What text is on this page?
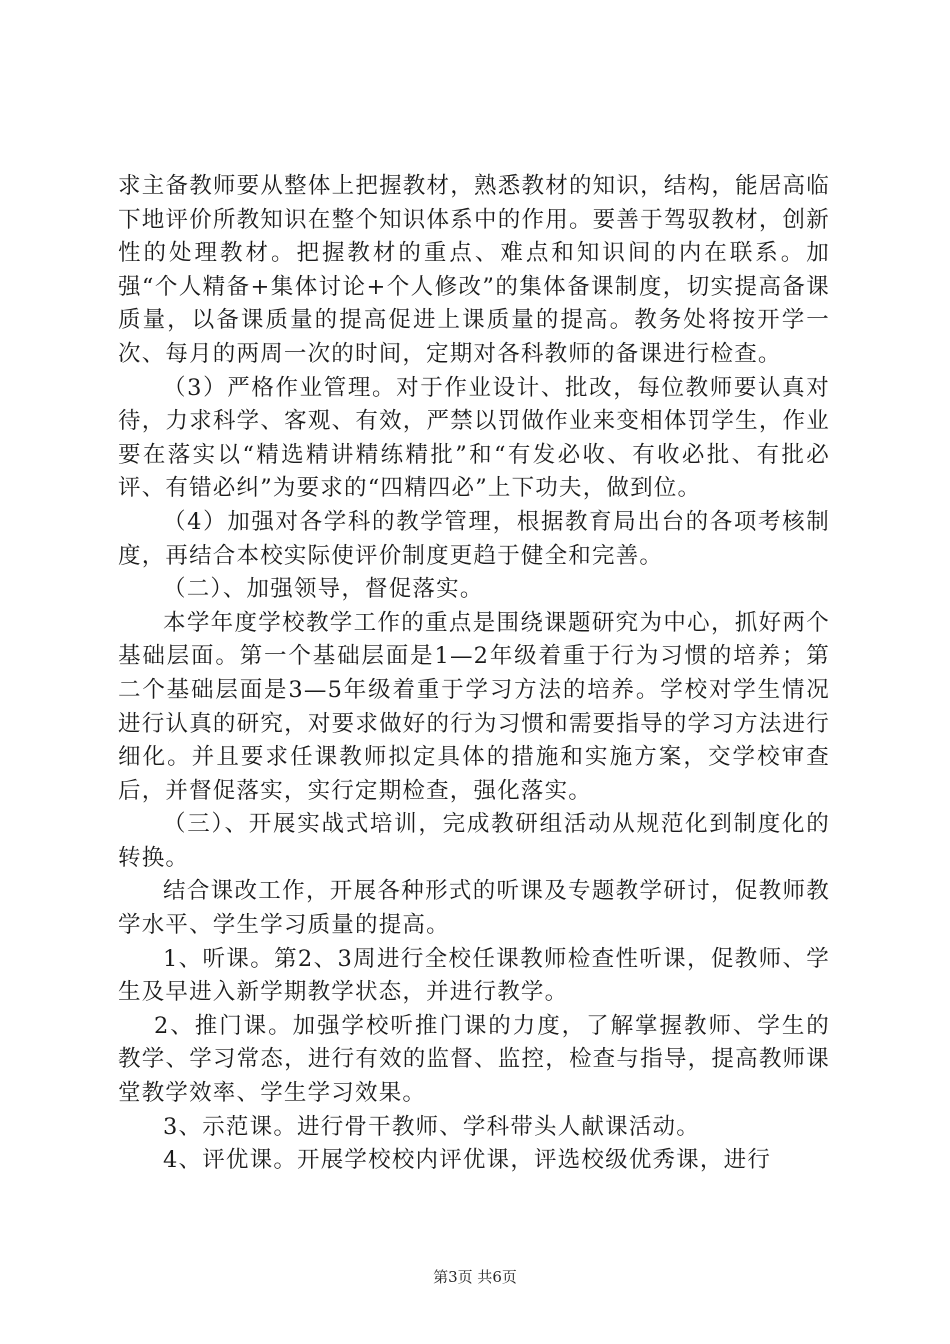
求主备教师要从整体上把握教材，熟悉教材的知识，结构，能居高临下地评价所教知识在整个知识体系中的作用。要善于驾驭教材，创新性的处理教材。把握教材的重点、难点和知识间的内在联系。加强“个人精备+集体讨论+个人修改”的集体备课制度，切实提高备课质量，以备课质量的提高促进上课质量的提高。教务处将按开学一次、每月的两周一次的时间，定期对各科教师的备课进行检查。

（3）严格作业管理。对于作业设计、批改，每位教师要认真对待，力求科学、客观、有效，严禁以罚做作业来变相体罚学生，作业要在落实以“精选精讲精练精批”和“有发必收、有收必批、有批必评、有错必纠”为要求的“四精四必”上下功夫，做到位。

（4）加强对各学科的教学管理，根据教育局出台的各项考核制度，再结合本校实际使评价制度更趋于健全和完善。

（二）、加强领导，督促落实。

本学年度学校教学工作的重点是围绕课题研究为中心，抓好两个基础层面。第一个基础层面是1—2年级着重于行为习惯的培养；第二个基础层面是3—5年级着重于学习方法的培养。学校对学生情况进行认真的研究，对要求做好的行为习惯和需要指导的学习方法进行细化。并且要求任课教师拟定具体的措施和实施方案，交学校审查后，并督促落实，实行定期检查，强化落实。

（三）、开展实战式培训，完成教研组活动从规范化到制度化的转换。

结合课改工作，开展各种形式的听课及专题教学研讨，促教师教学水平、学生学习质量的提高。

1、听课。第2、3周进行全校任课教师检查性听课，促教师、学生及早进入新学期教学状态，并进行教学。

2、推门课。加强学校听推门课的力度，了解掌握教师、学生的教学、学习常态，进行有效的监督、监控，检查与指导，提高教师课堂教学效率、学生学习效果。

3、示范课。进行骨干教师、学科带头人献课活动。

4、评优课。开展学校校内评优课，评选校级优秀课，进行

第3页 共6页
